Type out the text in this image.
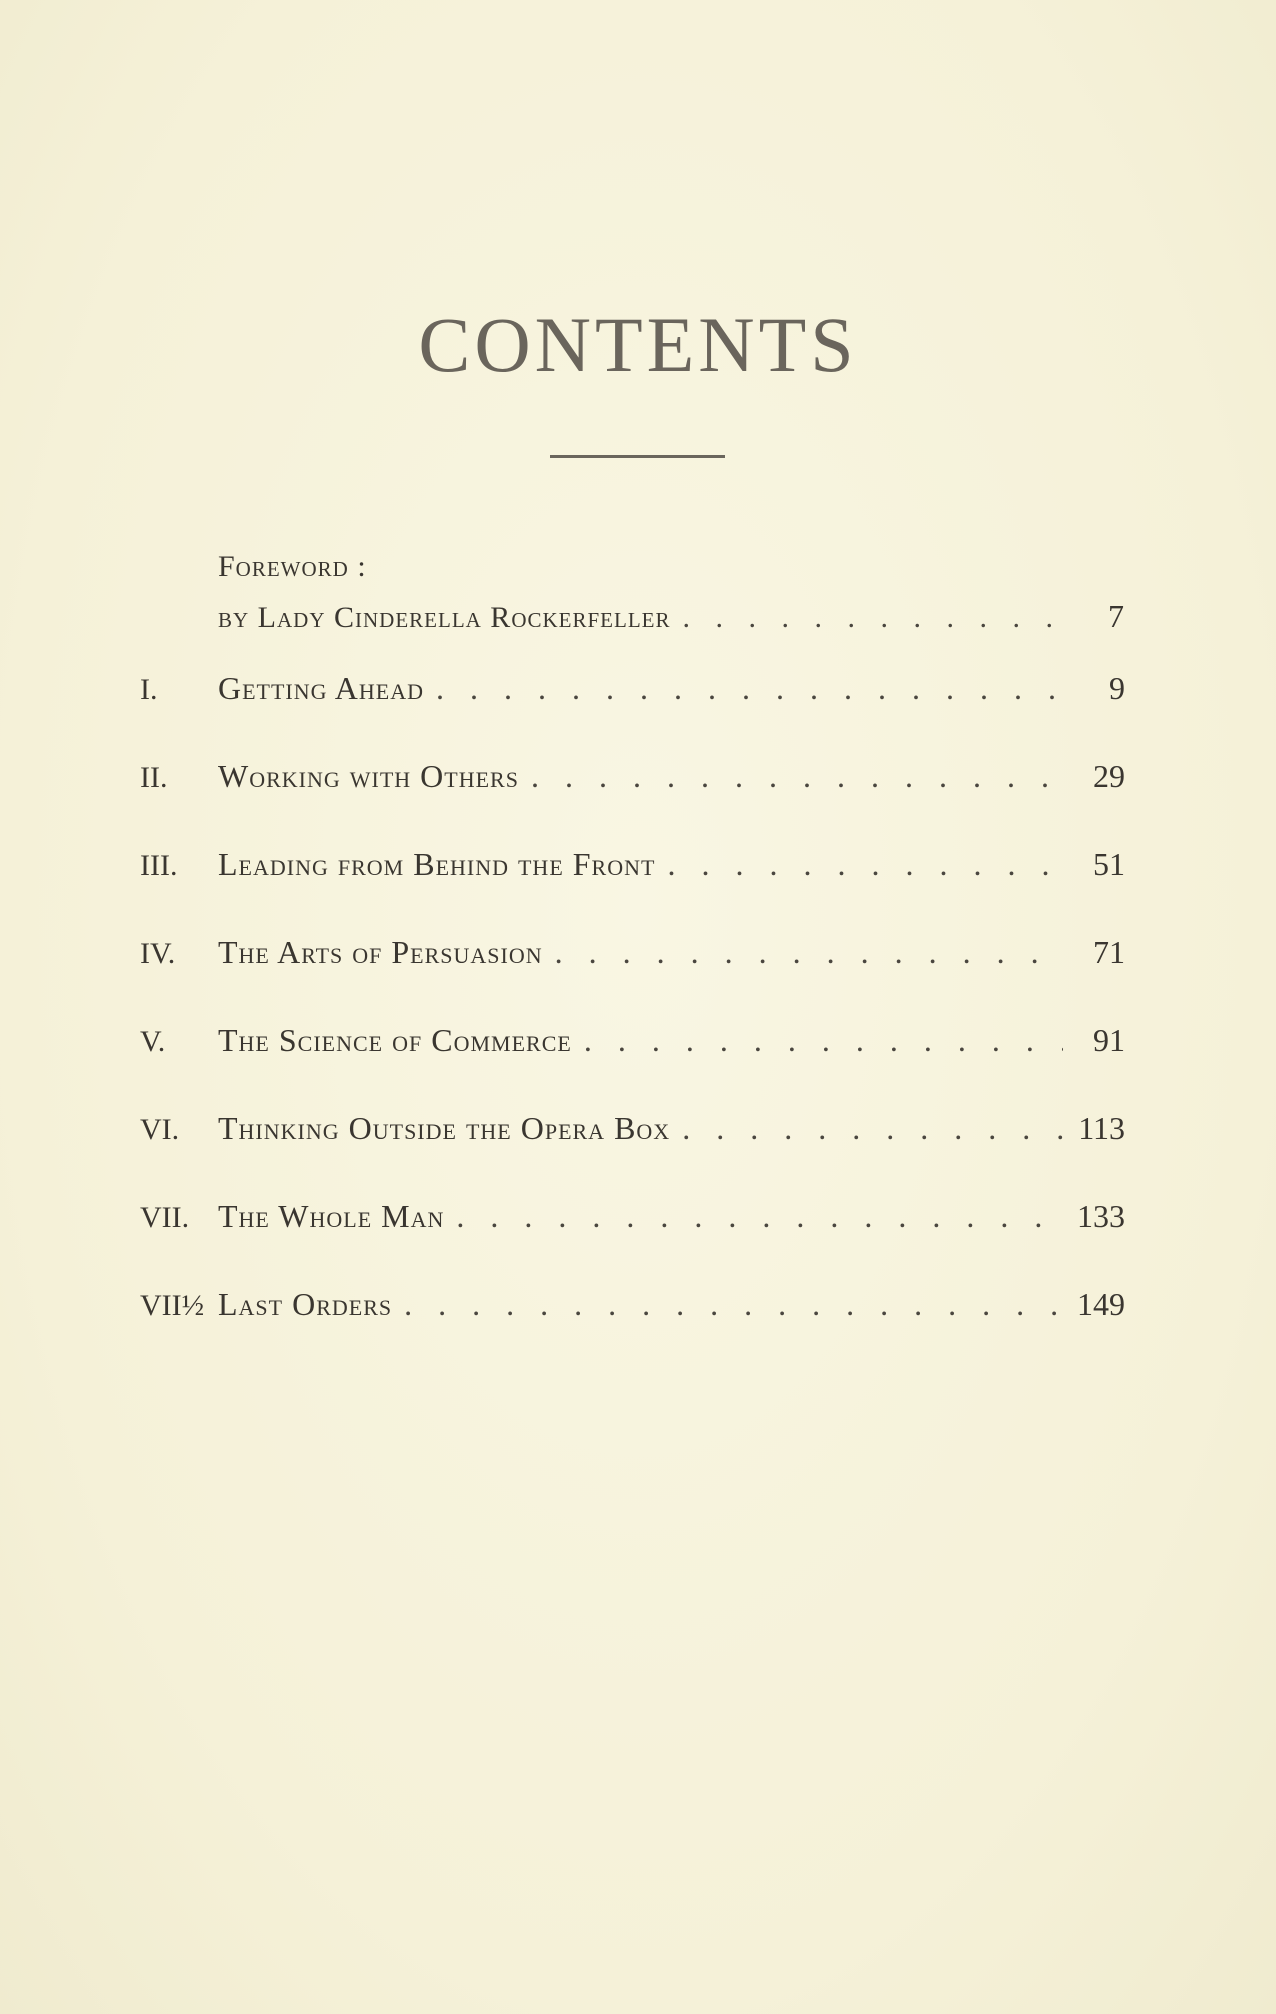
CONTENTS
Foreword :
by Lady Cinderella Rockerfeller . . .	7
I.	Getting Ahead . . .	9
II.	Working with Others . . .	29
III.	Leading from Behind the Front . . .	51
IV.	The Arts of Persuasion . . .	71
V.	The Science of Commerce . . .	91
VI.	Thinking Outside the Opera Box . . .	113
VII. The Whole Man . . .	133
VII½ Last Orders . . .	149
